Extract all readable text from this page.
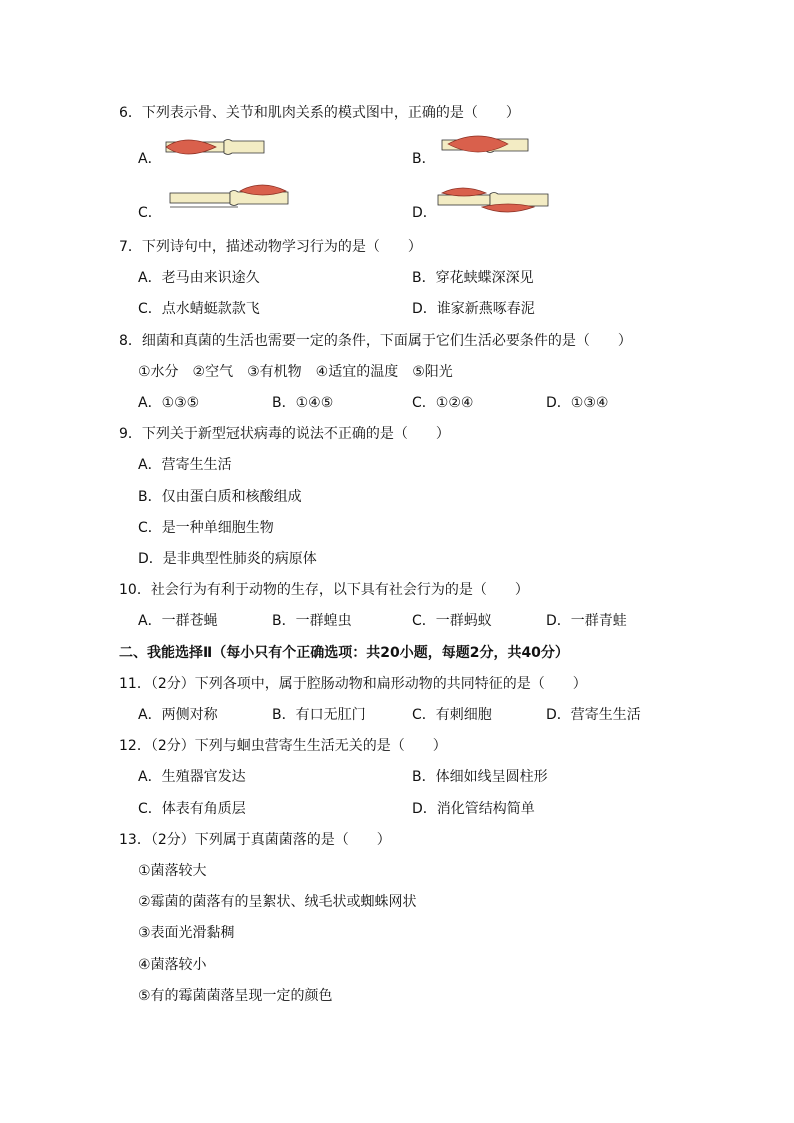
6．下列表示骨、关节和肌肉关系的模式图中，正确的是（　　）
A．	B．
C．	D．
7．下列诗句中，描述动物学习行为的是（　　）
A．老马由来识途久	B．穿花蛱蝶深深见
C．点水蜻蜓款款飞	D．谁家新燕啄春泥
8．细菌和真菌的生活也需要一定的条件，下面属于它们生活必要条件的是（　　）
①水分　②空气　③有机物　④适宜的温度　⑤阳光
A．①③⑤	B．①④⑤	C．①②④	D．①③④
9．下列关于新型冠状病毒的说法不正确的是（　　）
A．营寄生生活
B．仅由蛋白质和核酸组成
C．是一种单细胞生物
D．是非典型性肺炎的病原体
10．社会行为有利于动物的生存，以下具有社会行为的是（　　）
A．一群苍蝇	B．一群蝗虫	C．一群蚂蚁	D．一群青蛙
二、我能选择Ⅱ（每小只有个正确选项：共20小题，每题2分，共40分）
11．（2分）下列各项中，属于腔肠动物和扁形动物的共同特征的是（　　）
A．两侧对称	B．有口无肛门	C．有刺细胞	D．营寄生生活
12．（2分）下列与蛔虫营寄生生活无关的是（　　）
A．生殖器官发达	B．体细如线呈圆柱形
C．体表有角质层	D．消化管结构简单
13．（2分）下列属于真菌菌落的是（　　）
①菌落较大
②霉菌的菌落有的呈絮状、绒毛状或蜘蛛网状
③表面光滑黏稠
④菌落较小
⑤有的霉菌菌落呈现一定的颜色
